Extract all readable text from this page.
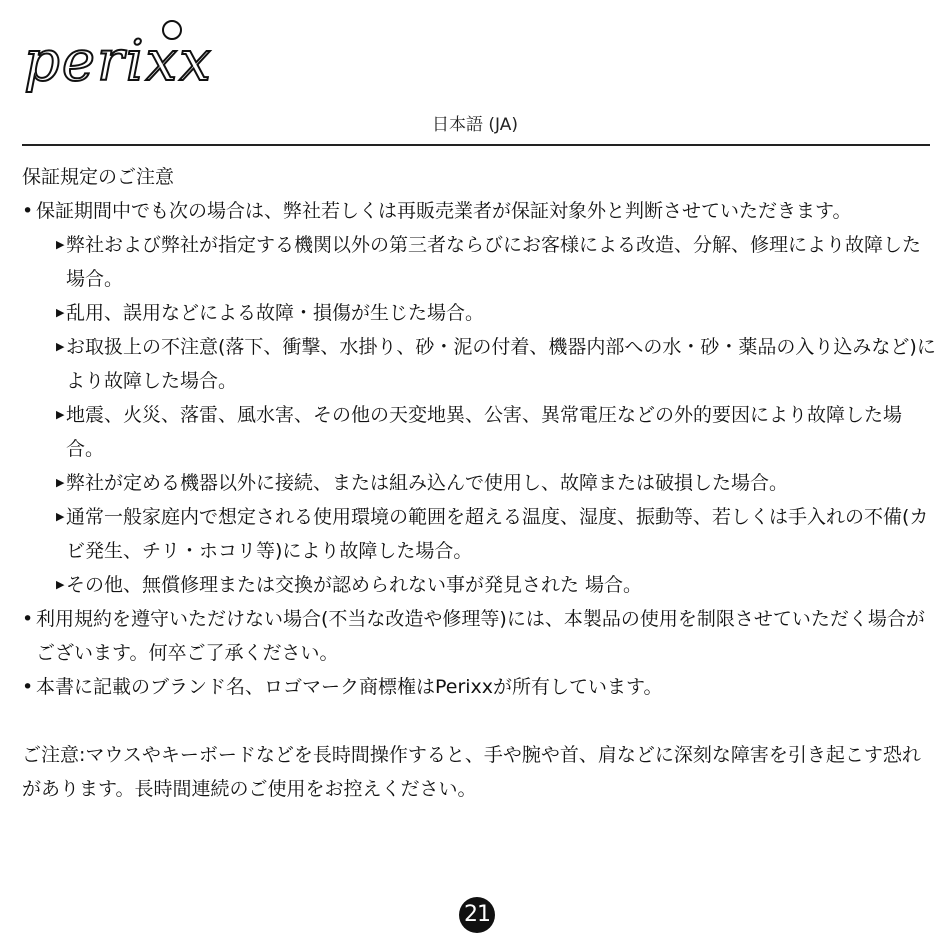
perixx
日本語 (JA)
保証規定のご注意
• 保証期間中でも次の場合は、弊社若しくは再販売業者が保証対象外と判断させていただきます。
▶ 弊社および弊社が指定する機関以外の第三者ならびにお客様による改造、分解、修理により故障した場合。
▶ 乱用、誤用などによる故障・損傷が生じた場合。
▶ お取扱上の不注意(落下、衝撃、水掛り、砂・泥の付着、機器内部への水・砂・薬品の入り込みなど)により故障した場合。
▶ 地震、火災、落雷、風水害、その他の天変地異、公害、異常電圧などの外的要因により故障した場合。
▶ 弊社が定める機器以外に接続、または組み込んで使用し、故障または破損した場合。
▶ 通常一般家庭内で想定される使用環境の範囲を超える温度、湿度、振動等、若しくは手入れの不備(カビ発生、チリ・ホコリ等)により故障した場合。
▶ その他、無償修理または交換が認められない事が発見された 場合。
• 利用規約を遵守いただけない場合(不当な改造や修理等)には、本製品の使用を制限させていただく場合がございます。何卒ご了承ください。
• 本書に記載のブランド名、ロゴマーク商標権はPerixxが所有しています。

ご注意:マウスやキーボードなどを長時間操作すると、手や腕や首、肩などに深刻な障害を引き起こす恐れがあります。長時間連続のご使用をお控えください。

21
